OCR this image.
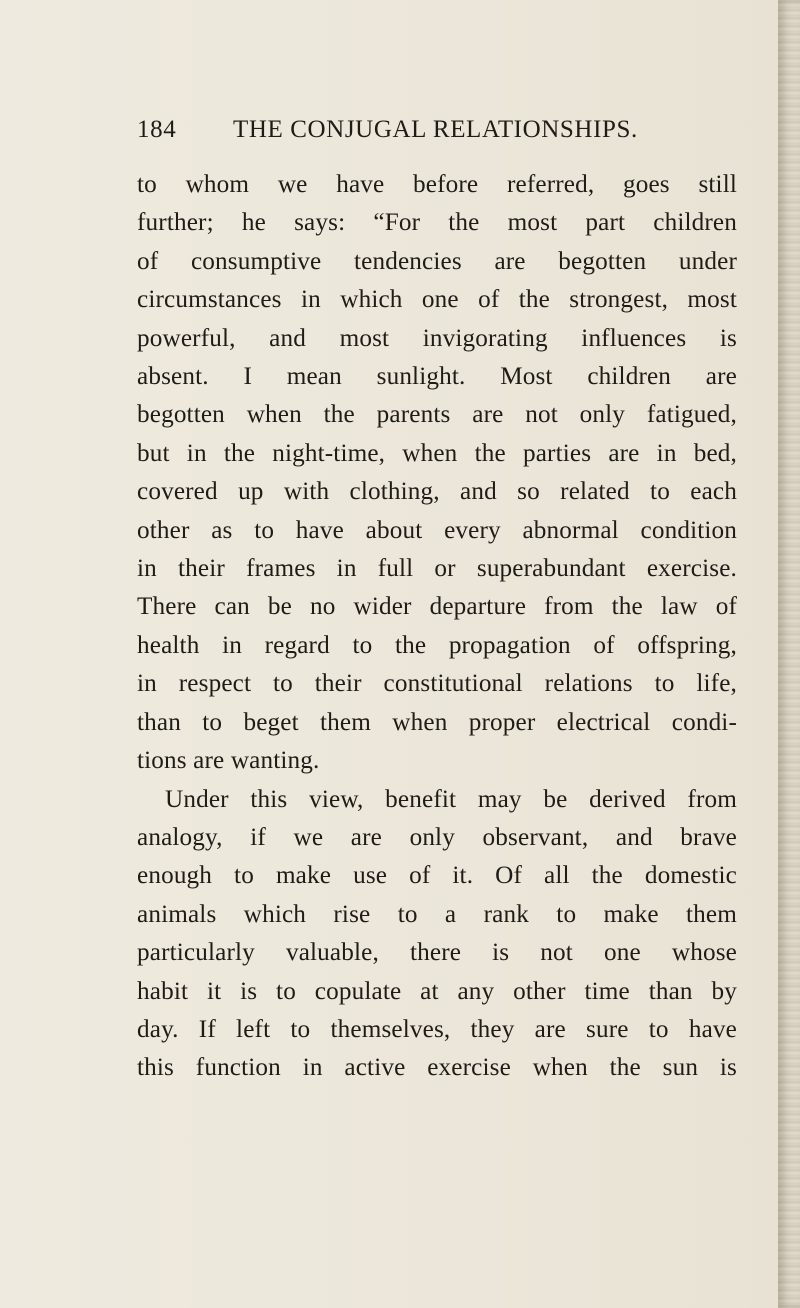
184 THE CONJUGAL RELATIONSHIPS.

to whom we have before referred, goes still
further; he says: “For the most part children
of consumptive tendencies are begotten under
circumstances in which one of the strongest, most
powerful, and most invigorating influences is
absent. I mean sunlight. Most children are
begotten when the parents are not only fatigued,
but in the night-time, when the parties are in bed,
covered up with clothing, and so related to each
other as to have about every abnormal condition
in their frames in full or superabundant exercise.
There can be no wider departure from the law of
health in regard to the propagation of offspring,
in respect to their constitutional relations to life,
than to beget them when proper electrical condi-
tions are wanting.

Under this view, benefit may be derived from
analogy, if we are only observant, and brave
enough to make use of it. Of all the domestic
animals which rise to a rank to make them
particularly valuable, there is not one whose
habit it is to copulate at any other time than by
day. If left to themselves, they are sure to have
this function in active exercise when the sun is
